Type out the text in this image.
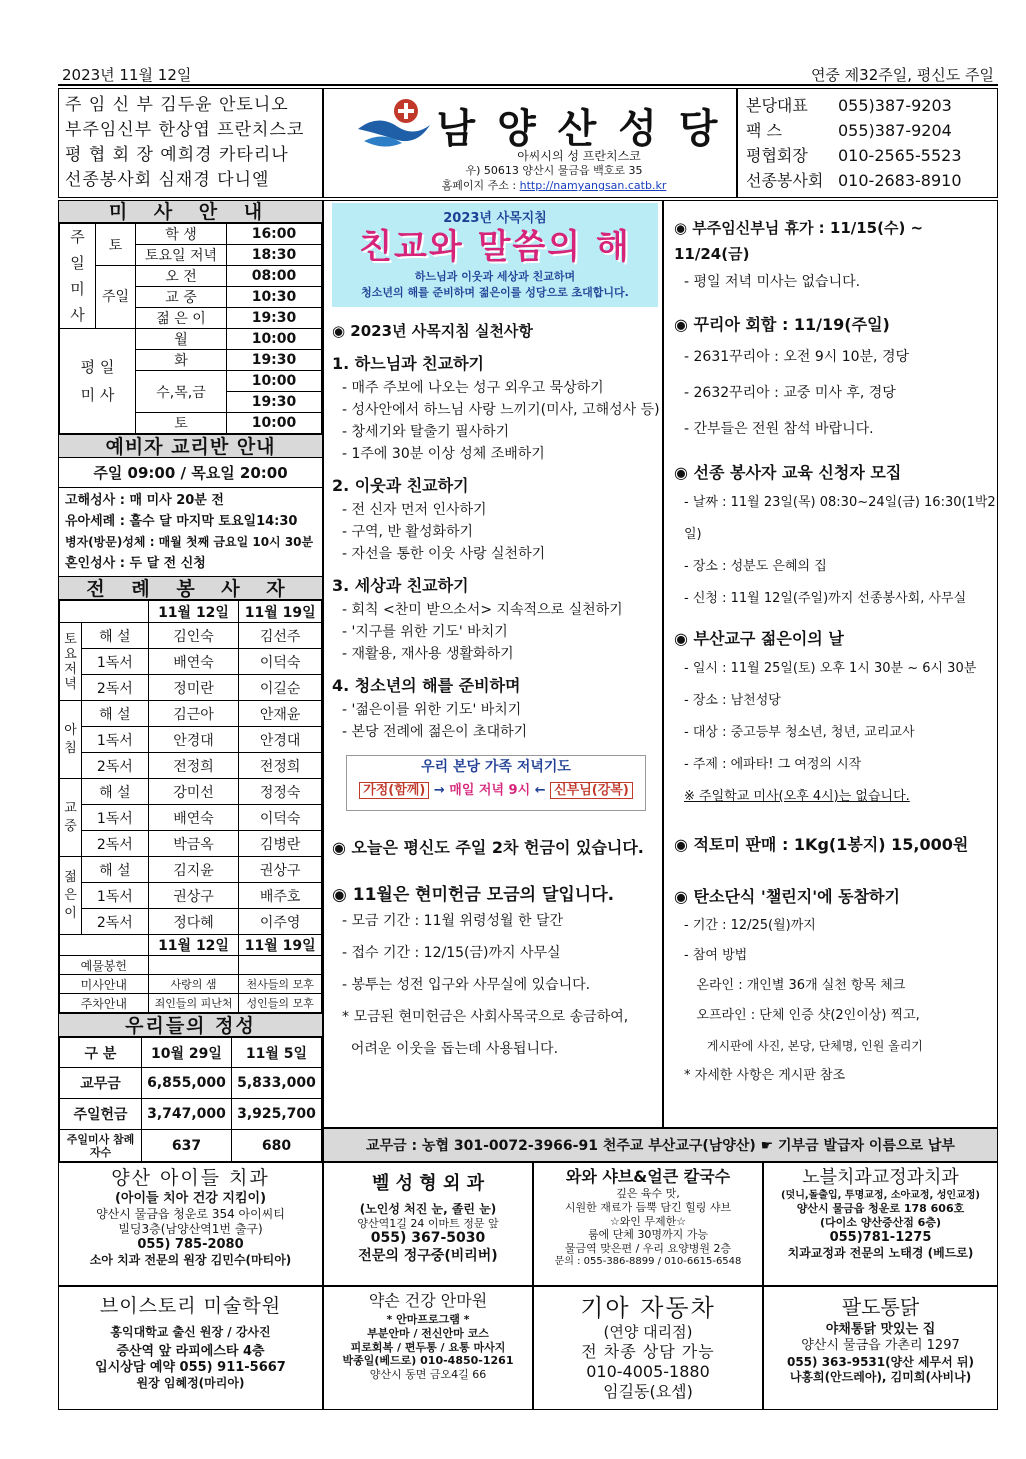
2023년 11월 12일	연중 제32주일, 평신도 주일
주 임 신 부 김두윤 안토니오
부주임신부 한상엽 프란치스코
평 협 회 장 예희경 카타리나
선종봉사회 심재경 다니엘
남 양 산 성 당
아씨시의 성 프란치스코
우) 50613 양산시 물금읍 백호로 35
홈페이지 주소 : http://namyangsan.catb.kr
본당대표 055)387-9203
팩 스	055)387-9204
평협회장 010-2565-5523
선종봉사회 010-2683-8910
미 사 안 내
주
일
미
사	토	학 생	16:00
		토요일 저녁	18:30
	주일	오 전	08:00
		교 중	10:30
		젊 은 이	19:30
평 일 미 사		월	10:00
		화	19:30
		수,목,금	10:00
			19:30
		토	10:00
예비자 교리반 안내
주일 09:00 / 목요일 20:00
고해성사 : 매 미사 20분 전
유아세례 : 홀수 달 마지막 토요일14:30
병자(방문)성체 : 매월 첫째 금요일 10시 30분
혼인성사 : 두 달 전 신청
전 례 봉 사 자
		11월 12일	11월 19일
토요저녁	해 설	김인숙	김선주
	1독서	배연숙	이덕숙
	2독서	정미란	이길순
아침	해 설	김근아	안재윤
	1독서	안경대	안경대
	2독서	전정희	전정희
교중	해 설	강미선	정정숙
	1독서	배연숙	이덕숙
	2독서	박금옥	김병란
젊은이	해 설	김지윤	권상구
	1독서	권상구	배주호
	2독서	정다혜	이주영
		11월 12일	11월 19일
예물봉헌			
미사안내		사랑의 샘	천사들의 모후
주차안내		죄인들의 피난처	성인들의 모후
우리들의 정성
구 분	10월 29일	11월 5일
교무금	6,855,000	5,833,000
주일헌금	3,747,000	3,925,700
주일미사 참례자수	637	680
2023년 사목지침
친교와 말씀의 해
하느님과 이웃과 세상과 친교하며
청소년의 해를 준비하며 젊은이를 성당으로 초대합니다.
◉ 2023년 사목지침 실천사항
1. 하느님과 친교하기
- 매주 주보에 나오는 성구 외우고 묵상하기
- 성사안에서 하느님 사랑 느끼기(미사, 고해성사 등)
- 창세기와 탈출기 필사하기
- 1주에 30분 이상 성체 조배하기
2. 이웃과 친교하기
- 전 신자 먼저 인사하기
- 구역, 반 활성화하기
- 자선을 통한 이웃 사랑 실천하기
3. 세상과 친교하기
- 회칙 <찬미 받으소서> 지속적으로 실천하기
- '지구를 위한 기도' 바치기
- 재활용, 재사용 생활화하기
4. 청소년의 해를 준비하며
- '젊은이를 위한 기도' 바치기
- 본당 전례에 젊은이 초대하기
우리 본당 가족 저녁기도
가정(함께) → 매일 저녁 9시 ← 신부님(강복)
◉ 오늘은 평신도 주일 2차 헌금이 있습니다.
◉ 11월은 현미헌금 모금의 달입니다.
- 모금 기간 : 11월 위령성월 한 달간
- 접수 기간 : 12/15(금)까지 사무실
- 봉투는 성전 입구와 사무실에 있습니다.
* 모금된 현미헌금은 사회사목국으로 송금하여,
어려운 이웃을 돕는데 사용됩니다.
◉ 부주임신부님 휴가 : 11/15(수) ~ 11/24(금)
- 평일 저녁 미사는 없습니다.
◉ 꾸리아 회합 : 11/19(주일)
- 2631꾸리아 : 오전 9시 10분, 경당
- 2632꾸리아 : 교중 미사 후, 경당
- 간부들은 전원 참석 바랍니다.
◉ 선종 봉사자 교육 신청자 모집
- 날짜 : 11월 23일(목) 08:30~24일(금) 16:30(1박2일)
- 장소 : 성분도 은혜의 집
- 신청 : 11월 12일(주일)까지 선종봉사회, 사무실
◉ 부산교구 젊은이의 날
- 일시 : 11월 25일(토) 오후 1시 30분 ~ 6시 30분
- 장소 : 남천성당
- 대상 : 중고등부 청소년, 청년, 교리교사
- 주제 : 에파타! 그 여정의 시작
※ 주일학교 미사(오후 4시)는 없습니다.
◉ 적토미 판매 : 1Kg(1봉지) 15,000원
◉ 탄소단식 '챌린지'에 동참하기
- 기간 : 12/25(월)까지
- 참여 방법
온라인 : 개인별 36개 실천 항목 체크
오프라인 : 단체 인증 샷(2인이상) 찍고,
게시판에 사진, 본당, 단체명, 인원 올리기
* 자세한 사항은 게시판 참조
교무금 : 농협 301-0072-3966-91 천주교 부산교구(남양산) ☛ 기부금 발급자 이름으로 납부
양산 아이들 치과
(아이들 치아 건강 지킴이)
양산시 물금읍 청운로 354 아이씨티
빌딩3층(남양산역1번 출구)
055) 785-2080
소아 치과 전문의 원장 김민수(마티아)
벨 성 형 외 과
(노인성 처진 눈, 졸린 눈)
양산역1길 24 이마트 정문 앞
055) 367-5030
전문의 정구중(비리버)
와와 샤브&얼큰 칼국수
깊은 육수 맛,
시원한 재료가 듬뿍 담긴 힐링 샤브
☆와인 무제한☆
룸에 단체 30명까지 가능
물금역 맞은편 / 우리 요양병원 2층
문의 : 055-386-8899 / 010-6615-6548
노블치과교정과치과
(덧니,돌출입, 투명교정, 소아교정, 성인교정)
양산시 물금읍 청운로 178 606호
(다이소 양산증산점 6층)
055)781-1275
치과교정과 전문의 노태경 (베드로)
브이스토리 미술학원
홍익대학교 출신 원장 / 강사진
증산역 앞 라피에스타 4층
입시상담 예약 055) 911-5667
원장 임혜정(마리아)
약손 건강 안마원
* 안마프로그램 *
부분안마 / 전신안마 코스
피로회복 / 편두통 / 요통 마사지
박종일(베드로) 010-4850-1261
양산시 동면 금오4길 66
기아 자동차
(연양 대리점)
전 차종 상담 가능
010-4005-1880
임길동(요셉)
팔도통닭
야채통닭 맛있는 집
양산시 물금읍 가촌리 1297
055) 363-9531(양산 세무서 뒤)
나홍희(안드레아), 김미희(사비나)
